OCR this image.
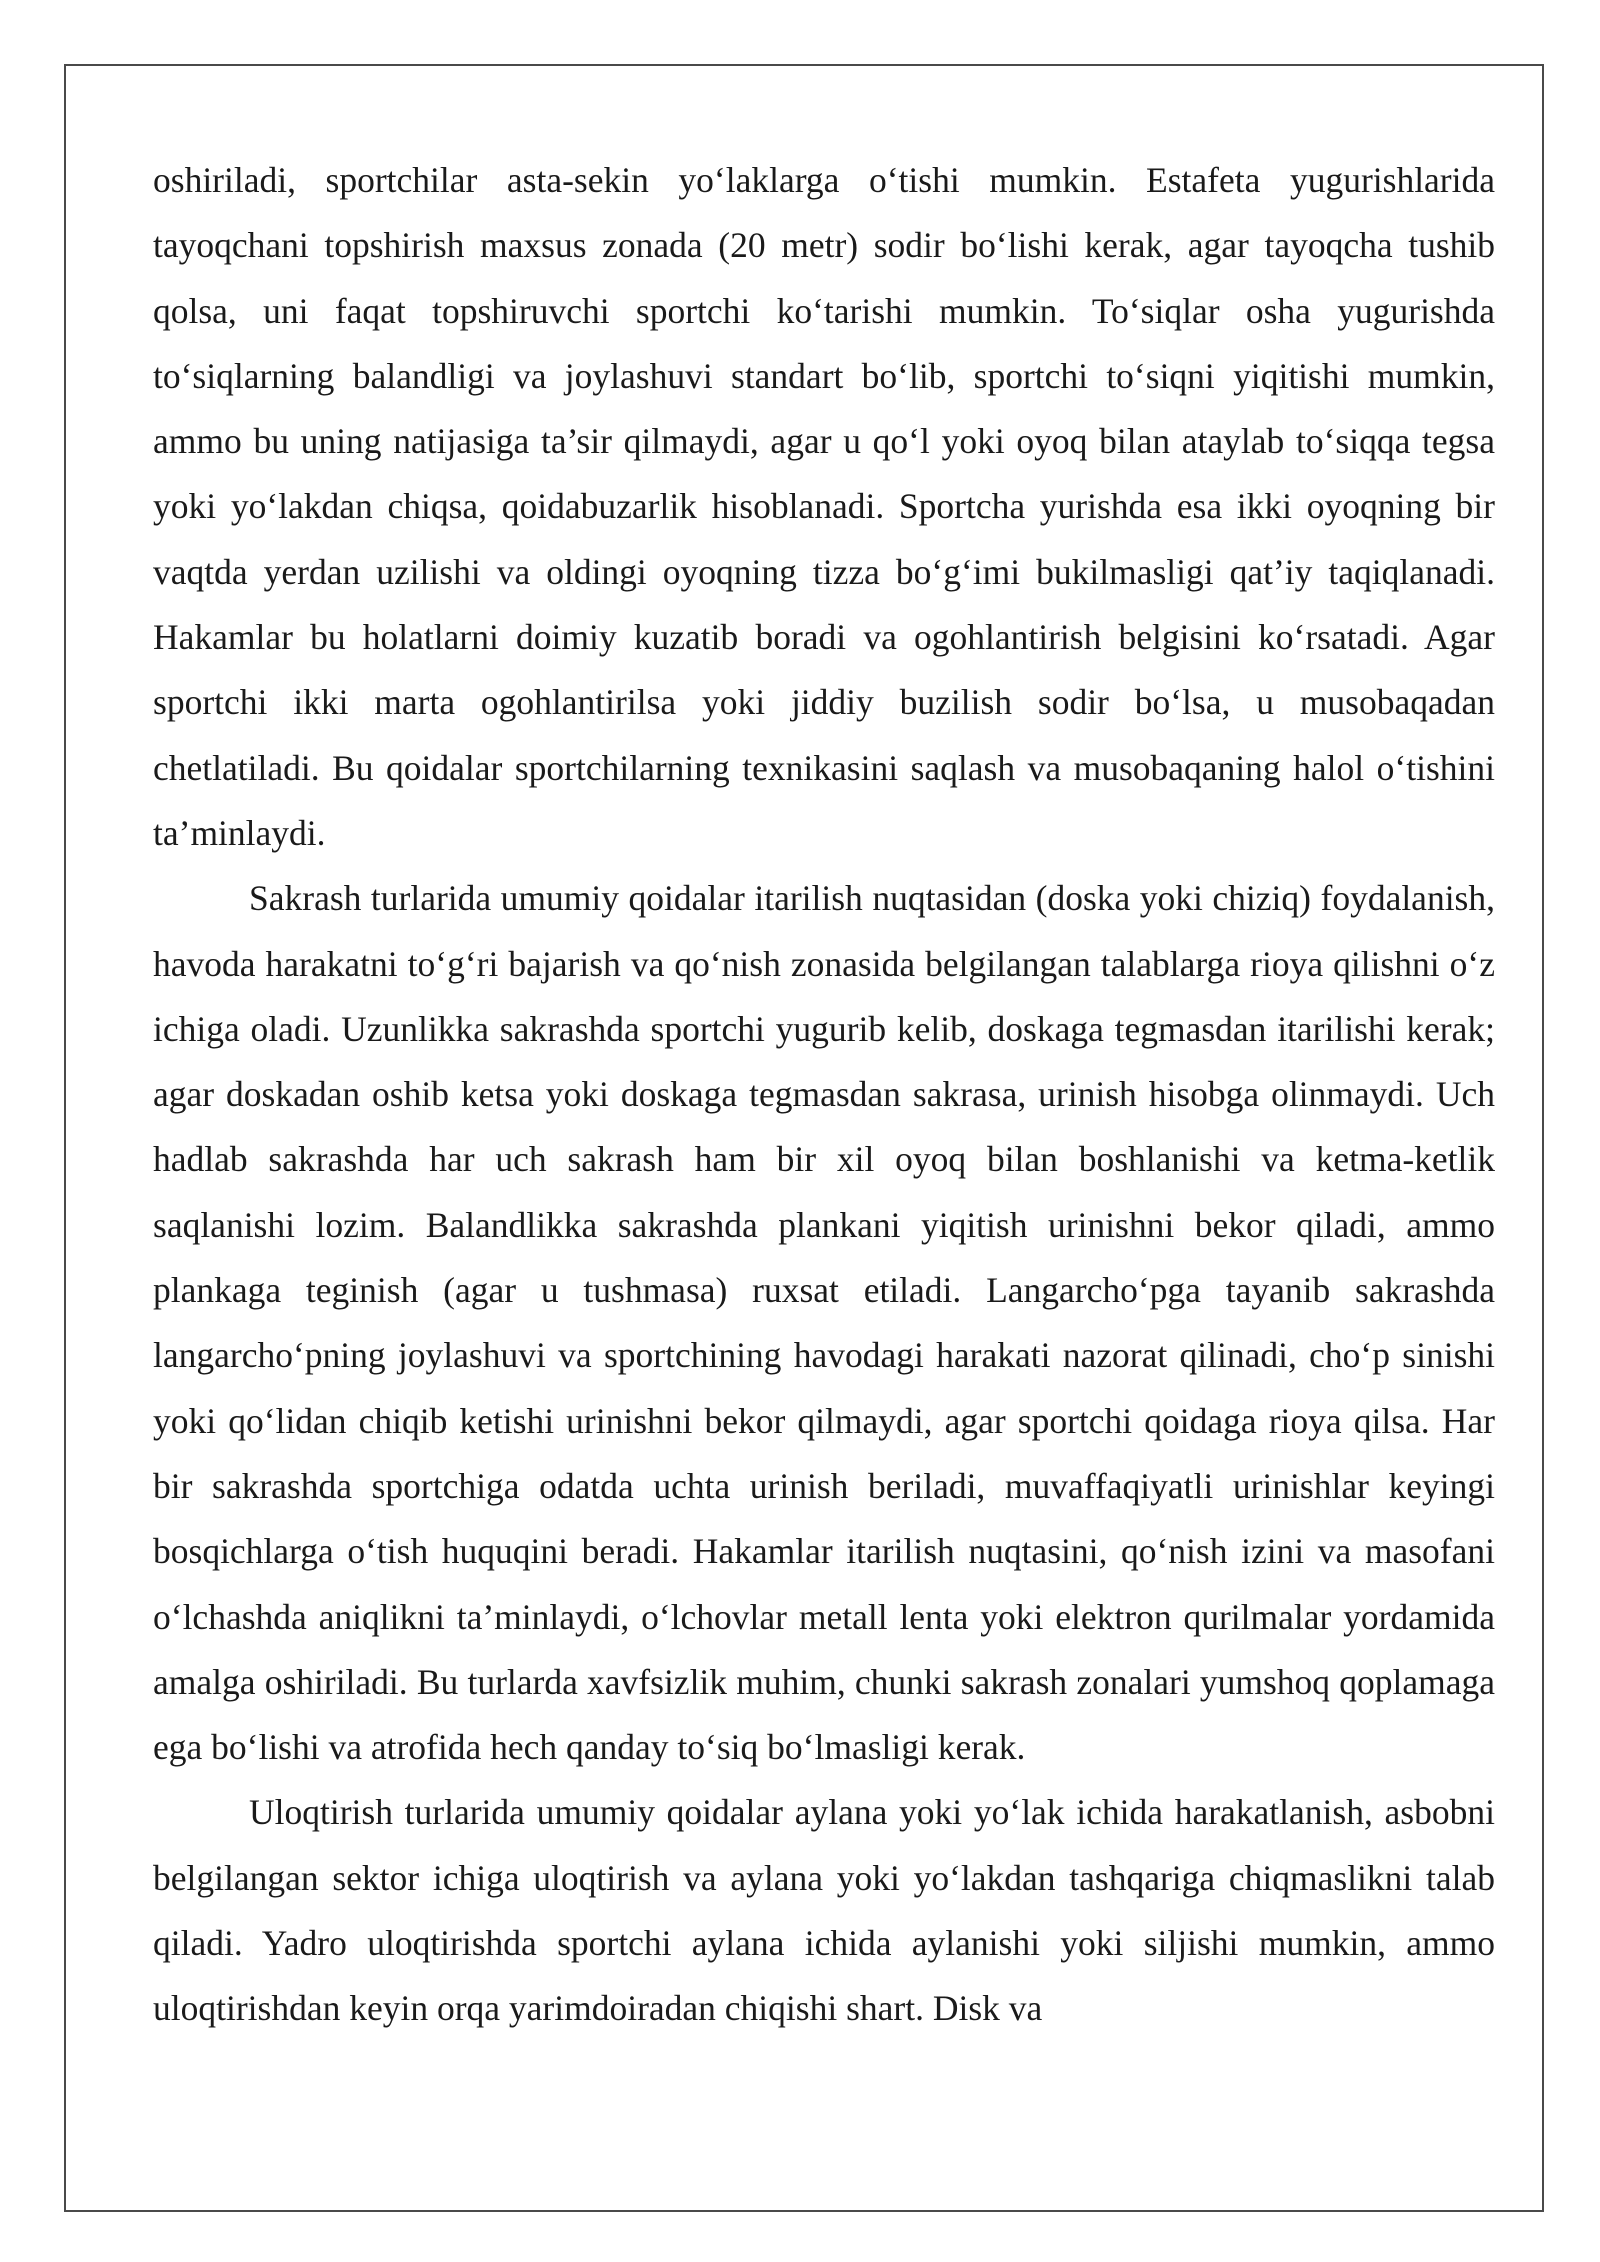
oshiriladi, sportchilar asta-sekin yo‘laklarga o‘tishi mumkin. Estafeta yugurishlarida tayoqchani topshirish maxsus zonada (20 metr) sodir bo‘lishi kerak, agar tayoqcha tushib qolsa, uni faqat topshiruvchi sportchi ko‘tarishi mumkin. To‘siqlar osha yugurishda to‘siqlarning balandligi va joylashuvi standart bo‘lib, sportchi to‘siqni yiqitishi mumkin, ammo bu uning natijasiga ta’sir qilmaydi, agar u qo‘l yoki oyoq bilan ataylab to‘siqqa tegsa yoki yo‘lakdan chiqsa, qoidabuzarlik hisoblanadi. Sportcha yurishda esa ikki oyoqning bir vaqtda yerdan uzilishi va oldingi oyoqning tizza bo‘g‘imi bukilmasligi qat’iy taqiqlanadi. Hakamlar bu holatlarni doimiy kuzatib boradi va ogohlantirish belgisini ko‘rsatadi. Agar sportchi ikki marta ogohlantirilsa yoki jiddiy buzilish sodir bo‘lsa, u musobaqadan chetlatiladi. Bu qoidalar sportchilarning texnikasini saqlash va musobaqaning halol o‘tishini ta’minlaydi.

Sakrash turlarida umumiy qoidalar itarilish nuqtasidan (doska yoki chiziq) foydalanish, havoda harakatni to‘g‘ri bajarish va qo‘nish zonasida belgilangan talablarga rioya qilishni o‘z ichiga oladi. Uzunlikka sakrashda sportchi yugurib kelib, doskaga tegmasdan itarilishi kerak; agar doskadan oshib ketsa yoki doskaga tegmasdan sakrasa, urinish hisobga olinmaydi. Uch hadlab sakrashda har uch sakrash ham bir xil oyoq bilan boshlanishi va ketma-ketlik saqlanishi lozim. Balandlikka sakrashda plankani yiqitish urinishni bekor qiladi, ammo plankaga teginish (agar u tushmasa) ruxsat etiladi. Langarcho‘pga tayanib sakrashda langarcho‘pning joylashuvi va sportchining havodagi harakati nazorat qilinadi, cho‘p sinishi yoki qo‘lidan chiqib ketishi urinishni bekor qilmaydi, agar sportchi qoidaga rioya qilsa. Har bir sakrashda sportchiga odatda uchta urinish beriladi, muvaffaqiyatli urinishlar keyingi bosqichlarga o‘tish huquqini beradi. Hakamlar itarilish nuqtasini, qo‘nish izini va masofani o‘lchashda aniqlikni ta’minlaydi, o‘lchovlar metall lenta yoki elektron qurilmalar yordamida amalga oshiriladi. Bu turlarda xavfsizlik muhim, chunki sakrash zonalari yumshoq qoplamaga ega bo‘lishi va atrofida hech qanday to‘siq bo‘lmasligi kerak.

Uloqtirish turlarida umumiy qoidalar aylana yoki yo‘lak ichida harakatlanish, asbobni belgilangan sektor ichiga uloqtirish va aylana yoki yo‘lakdan tashqariga chiqmaslikni talab qiladi. Yadro uloqtirishda sportchi aylana ichida aylanishi yoki siljishi mumkin, ammo uloqtirishdan keyin orqa yarimdoiradan chiqishi shart. Disk va
